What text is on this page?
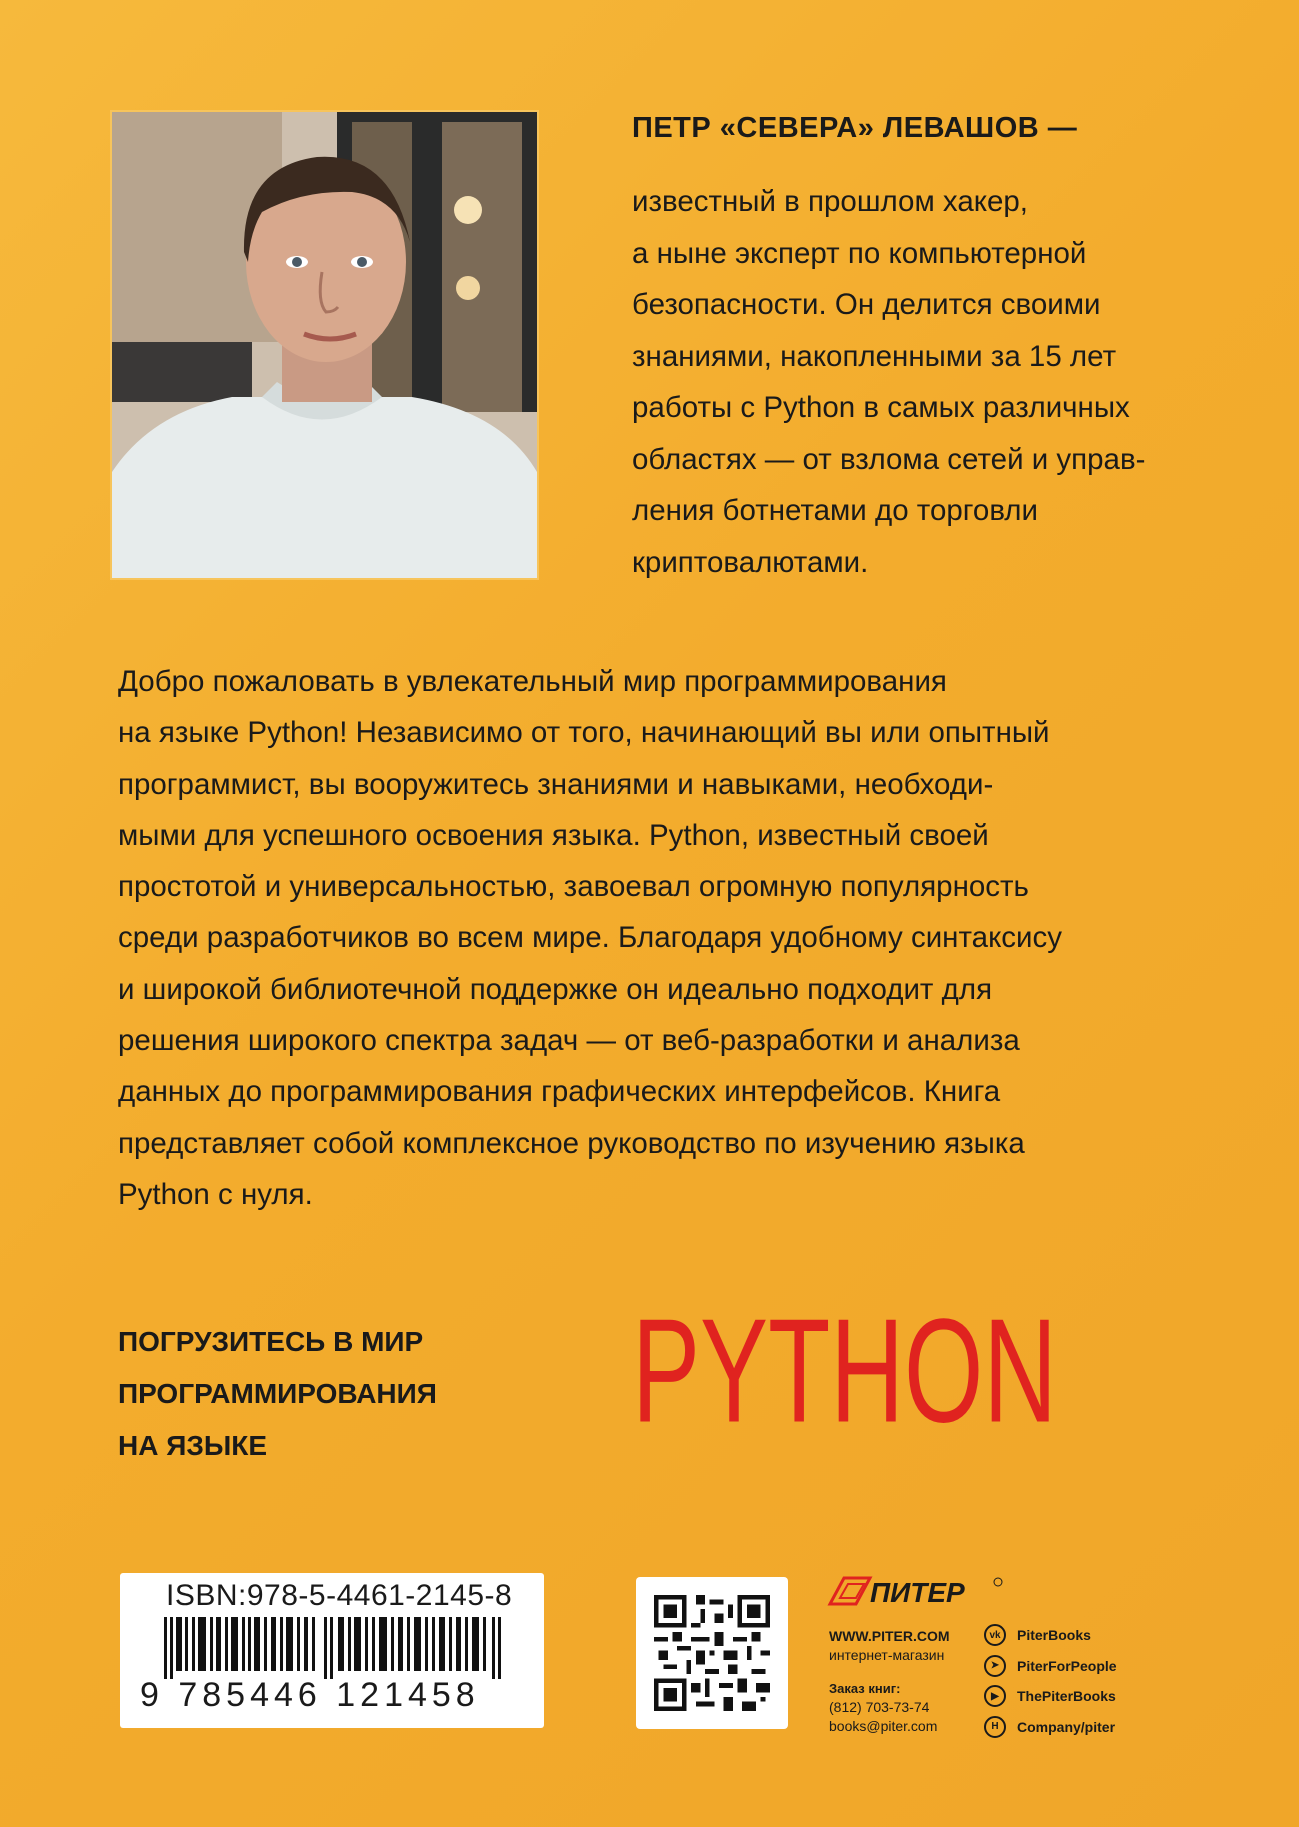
ПЕТР «СЕВЕРА» ЛЕВАШОВ —

известный в прошлом хакер,
а ныне эксперт по компьютерной
безопасности. Он делится своими
знаниями, накопленными за 15 лет
работы с Python в самых различных
областях — от взлома сетей и управ-
ления ботнетами до торговли
криптовалютами.

Добро пожаловать в увлекательный мир программирования
на языке Python! Независимо от того, начинающий вы или опытный
программист, вы вооружитесь знаниями и навыками, необходи-
мыми для успешного освоения языка. Python, известный своей
простотой и универсальностью, завоевал огромную популярность
среди разработчиков во всем мире. Благодаря удобному синтаксису
и широкой библиотечной поддержке он идеально подходит для
решения широкого спектра задач — от веб-разработки и анализа
данных до программирования графических интерфейсов. Книга
представляет собой комплексное руководство по изучению языка
Python с нуля.

ПОГРУЗИТЕСЬ В МИР
ПРОГРАММИРОВАНИЯ
НА ЯЗЫКЕ	PYTHON
ISBN:978-5-4461-2145-8
9 785446 121458
ПИТЕР
WWW.PITER.COM
интернет-магазин
Заказ книг:
(812) 703-73-74
books@piter.com
vk	PiterBooks
➤	PiterForPeople
▶	ThePiterBooks
H	Company/piter
